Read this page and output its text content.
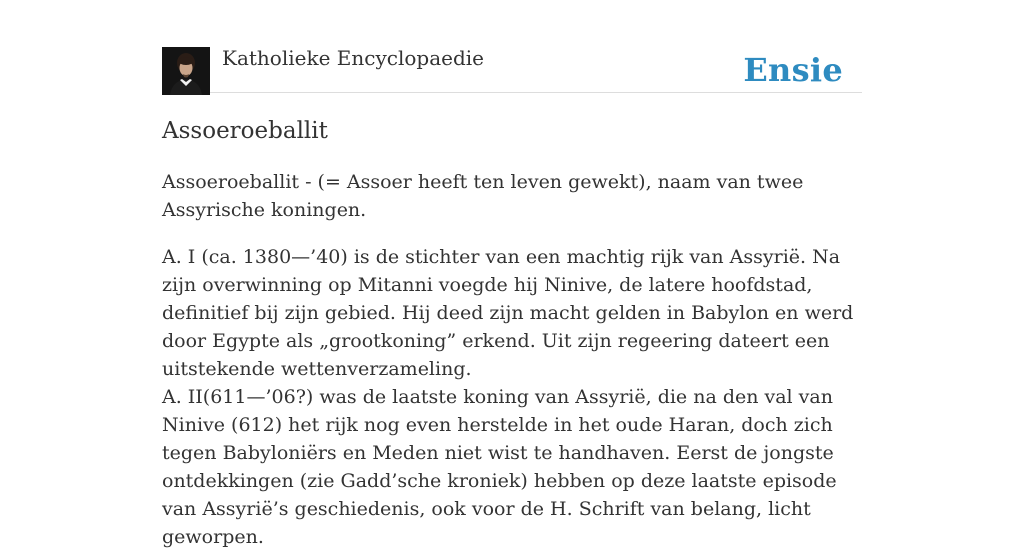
Katholieke Encyclopaedie	Ensie
Assoeroeballit

Assoeroeballit - (= Assoer heeft ten leven gewekt), naam van twee Assyrische koningen.

A. I (ca. 1380—’40) is de stichter van een machtig rijk van Assyrië. Na zijn overwinning op Mitanni voegde hij Ninive, de latere hoofdstad, definitief bij zijn gebied. Hij deed zijn macht gelden in Babylon en werd door Egypte als „grootkoning” erkend. Uit zijn regeering dateert een uitstekende wettenverzameling.

A. II(611—’06?) was de laatste koning van Assyrië, die na den val van Ninive (612) het rijk nog even herstelde in het oude Haran, doch zich tegen Babyloniërs en Meden niet wist te handhaven. Eerst de jongste ontdekkingen (zie Gadd’sche kroniek) hebben op deze laatste episode van Assyrië’s geschiedenis, ook voor de H. Schrift van belang, licht geworpen.
